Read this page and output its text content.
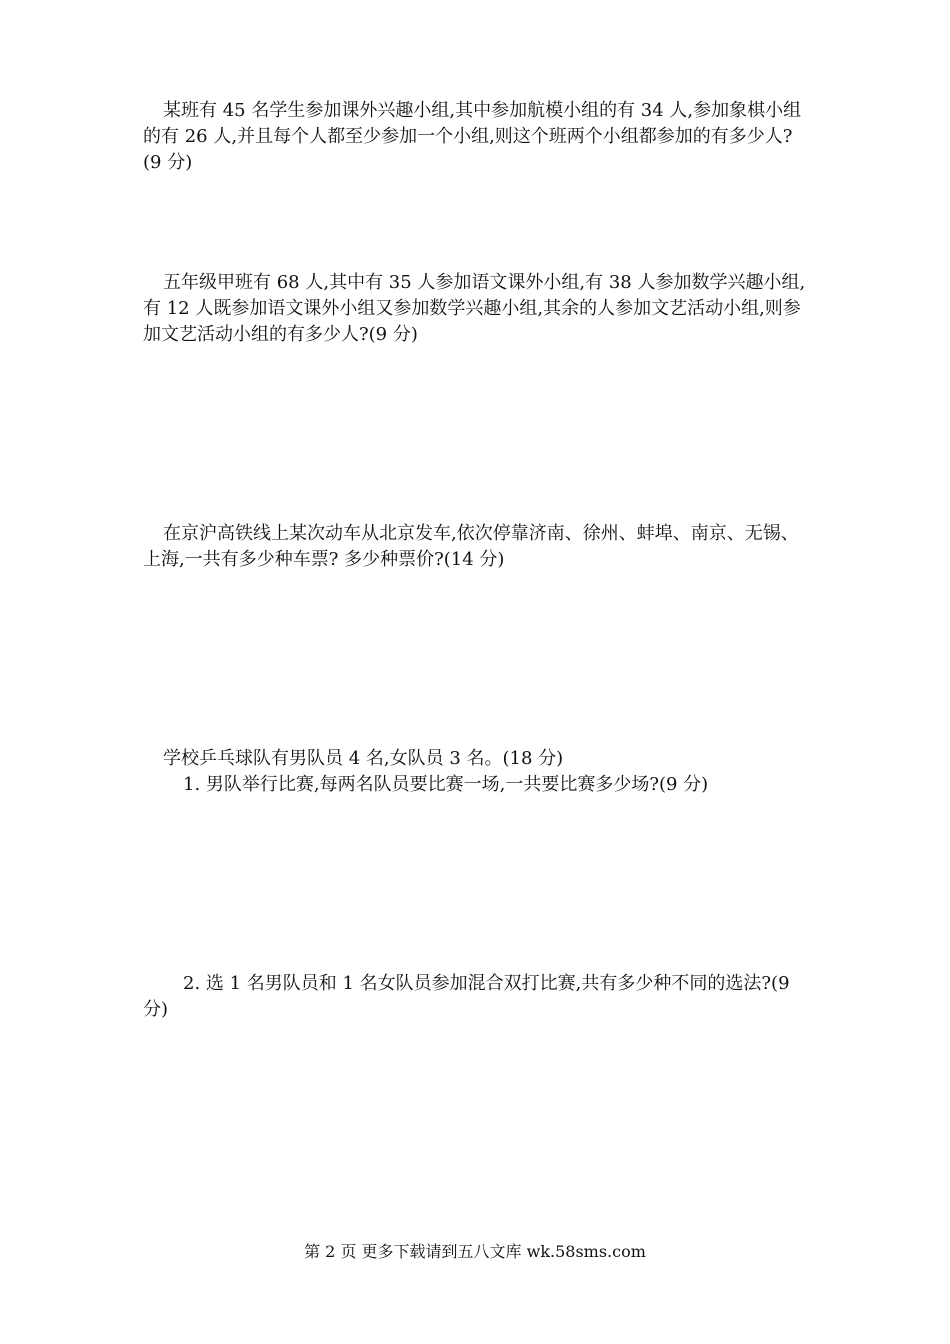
某班有 45 名学生参加课外兴趣小组,其中参加航模小组的有 34 人,参加象棋小组的有 26 人,并且每个人都至少参加一个小组,则这个班两个小组都参加的有多少人?(9 分)

五年级甲班有 68 人,其中有 35 人参加语文课外小组,有 38 人参加数学兴趣小组,有 12 人既参加语文课外小组又参加数学兴趣小组,其余的人参加文艺活动小组,则参加文艺活动小组的有多少人?(9 分)

在京沪高铁线上某次动车从北京发车,依次停靠济南、徐州、蚌埠、南京、无锡、上海,一共有多少种车票? 多少种票价?(14 分)

学校乒乓球队有男队员 4 名,女队员 3 名。(18 分)

1. 男队举行比赛,每两名队员要比赛一场,一共要比赛多少场?(9 分)

2. 选 1 名男队员和 1 名女队员参加混合双打比赛,共有多少种不同的选法?(9 分)

第 2 页 更多下载请到五八文库 wk.58sms.com
